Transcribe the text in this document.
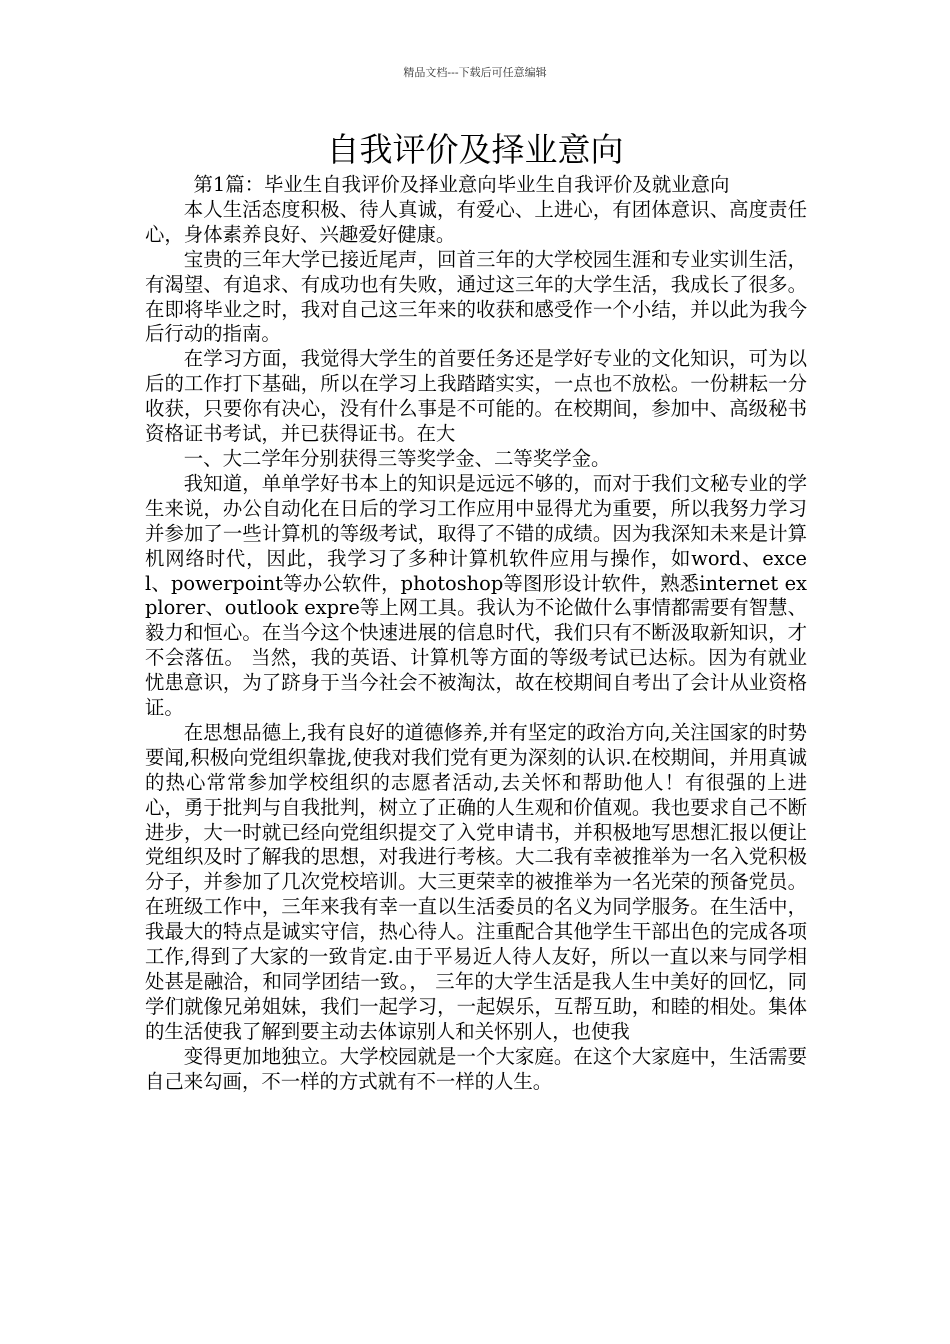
精品文档---下载后可任意编辑
自我评价及择业意向

第1篇：毕业生自我评价及择业意向毕业生自我评价及就业意向

本人生活态度积极、待人真诚，有爱心、上进心，有团体意识、高度责任心，身体素养良好、兴趣爱好健康。

宝贵的三年大学已接近尾声，回首三年的大学校园生涯和专业实训生活，有渴望、有追求、有成功也有失败，通过这三年的大学生活，我成长了很多。在即将毕业之时，我对自己这三年来的收获和感受作一个小结，并以此为我今后行动的指南。

在学习方面，我觉得大学生的首要任务还是学好专业的文化知识，可为以后的工作打下基础，所以在学习上我踏踏实实，一点也不放松。一份耕耘一分收获，只要你有决心，没有什么事是不可能的。在校期间，参加中、高级秘书资格证书考试，并已获得证书。在大

一、大二学年分别获得三等奖学金、二等奖学金。

我知道，单单学好书本上的知识是远远不够的，而对于我们文秘专业的学生来说，办公自动化在日后的学习工作应用中显得尤为重要，所以我努力学习并参加了一些计算机的等级考试，取得了不错的成绩。因为我深知未来是计算机网络时代，因此，我学习了多种计算机软件应用与操作，如word、excel、powerpoint等办公软件，photoshop等图形设计软件，熟悉internet explorer、outlook expre等上网工具。我认为不论做什么事情都需要有智慧、毅力和恒心。在当今这个快速进展的信息时代，我们只有不断汲取新知识，才不会落伍。 当然，我的英语、计算机等方面的等级考试已达标。因为有就业忧患意识，为了跻身于当今社会不被淘汰，故在校期间自考出了会计从业资格证。

在思想品德上,我有良好的道德修养,并有坚定的政治方向,关注国家的时势要闻,积极向党组织靠拢,使我对我们党有更为深刻的认识.在校期间，并用真诚的热心常常参加学校组织的志愿者活动,去关怀和帮助他人！有很强的上进心，勇于批判与自我批判，树立了正确的人生观和价值观。我也要求自己不断进步，大一时就已经向党组织提交了入党申请书，并积极地写思想汇报以便让党组织及时了解我的思想，对我进行考核。大二我有幸被推举为一名入党积极分子，并参加了几次党校培训。大三更荣幸的被推举为一名光荣的预备党员。 在班级工作中，三年来我有幸一直以生活委员的名义为同学服务。在生活中，我最大的特点是诚实守信，热心待人。注重配合其他学生干部出色的完成各项工作,得到了大家的一致肯定.由于平易近人待人友好，所以一直以来与同学相处甚是融洽，和同学团结一致。， 三年的大学生活是我人生中美好的回忆，同学们就像兄弟姐妹，我们一起学习，一起娱乐，互帮互助，和睦的相处。集体的生活使我了解到要主动去体谅别人和关怀别人，也使我

变得更加地独立。大学校园就是一个大家庭。在这个大家庭中，生活需要自己来勾画，不一样的方式就有不一样的人生。
